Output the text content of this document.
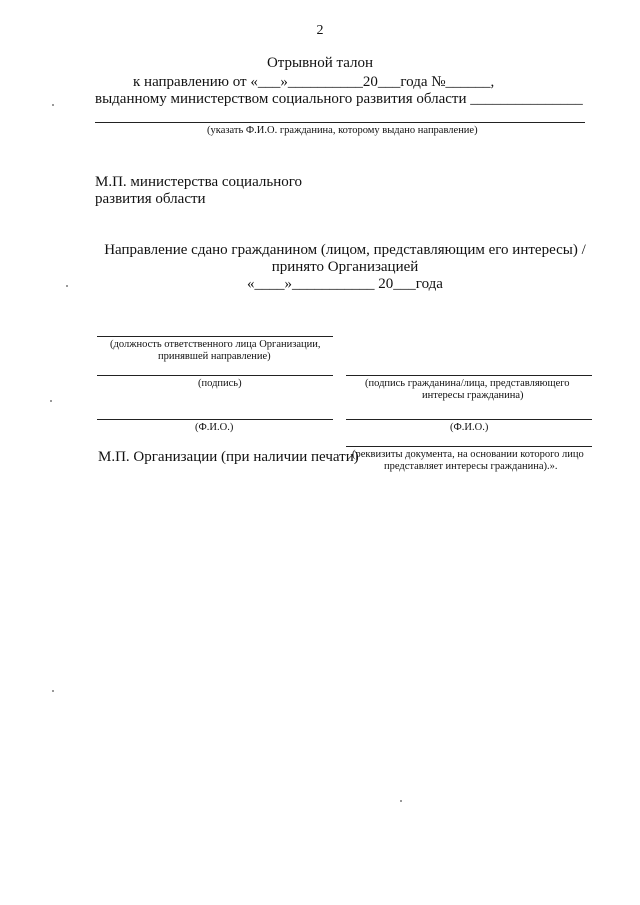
2
Отрывной талон
к направлению от «___»__________20___года №______,
выданному министерством социального развития области _______________
(указать Ф.И.О. гражданина, которому выдано направление)
М.П. министерства социального
развития области
Направление сдано гражданином (лицом, представляющим его интересы) /
принято Организацией
«____»___________ 20___года
(должность ответственного лица Организации,
принявшей направление)
(подпись)	(подпись гражданина/лица, представляющего
интересы гражданина)
(Ф.И.О.)	(Ф.И.О.)
М.П. Организации (при наличии печати)
(реквизиты документа, на основании которого лицо
представляет интересы гражданина).».
